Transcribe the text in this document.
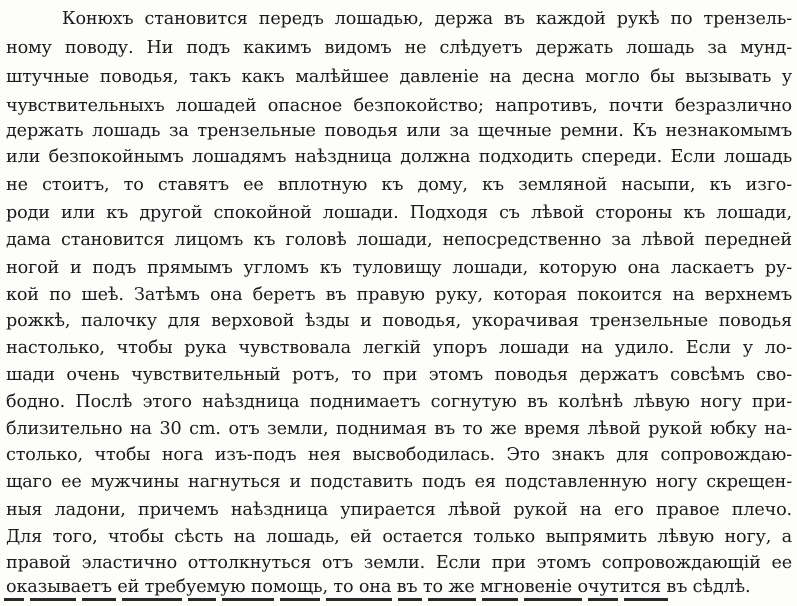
Конюхъ становится передъ лошадью, держа въ каждой рукѣ по трензель-
ному поводу. Ни подъ какимъ видомъ не слѣдуетъ держать лошадь за мунд-
штучные поводья, такъ какъ малѣйшее давленіе на десна могло бы вызывать у
чувствительныхъ лошадей опасное безпокойство; напротивъ, почти безразлично
держать лошадь за трензельные поводья или за щечные ремни. Къ незнакомымъ
или безпокойнымъ лошадямъ наѣздница должна подходить спереди. Если лошадь
не стоитъ, то ставятъ ее вплотную къ дому, къ земляной насыпи, къ изго-
роди или къ другой спокойной лошади. Подходя съ лѣвой стороны къ лошади,
дама становится лицомъ къ головѣ лошади, непосредственно за лѣвой передней
ногой и подъ прямымъ угломъ къ туловищу лошади, которую она ласкаетъ ру-
кой по шеѣ. Затѣмъ она беретъ въ правую руку, которая покоится на верхнемъ
рожкѣ, палочку для верховой ѣзды и поводья, укорачивая трензельные поводья
настолько, чтобы рука чувствовала легкій упоръ лошади на удило. Если у ло-
шади очень чувствительный ротъ, то при этомъ поводья держатъ совсѣмъ сво-
бодно. Послѣ этого наѣздница поднимаетъ согнутую въ колѣнѣ лѣвую ногу при-
близительно на 30 cm. отъ земли, поднимая въ то же время лѣвой рукой юбку на-
столько, чтобы нога изъ-подъ нея высвободилась. Это знакъ для сопровождаю-
щаго ее мужчины нагнуться и подставить подъ ея подставленную ногу скрещен-
ныя ладони, причемъ наѣздница упирается лѣвой рукой на его правое плечо.
Для того, чтобы сѣсть на лошадь, ей остается только выпрямить лѣвую ногу, а
правой эластично оттолкнуться отъ земли. Если при этомъ сопровождающій ее
оказываетъ ей требуемую помощь, то она въ то же мгновеніе очутится въ сѣдлѣ.
